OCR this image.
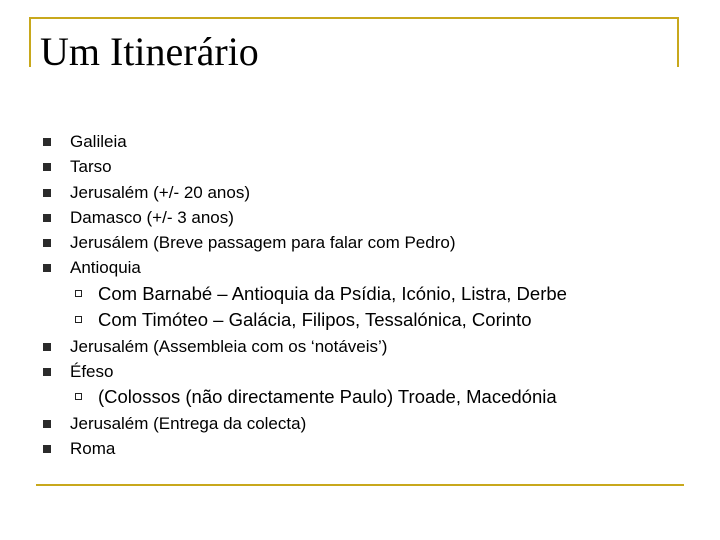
Um Itinerário
Galileia
Tarso
Jerusalém (+/- 20 anos)
Damasco (+/- 3 anos)
Jerusálem (Breve passagem para falar com Pedro)
Antioquia
Com Barnabé – Antioquia da Psídia, Icónio, Listra, Derbe
Com Timóteo – Galácia, Filipos, Tessalónica, Corinto
Jerusalém (Assembleia com os ‘notáveis’)
Éfeso
(Colossos (não directamente Paulo) Troade, Macedónia
Jerusalém (Entrega da colecta)
Roma
